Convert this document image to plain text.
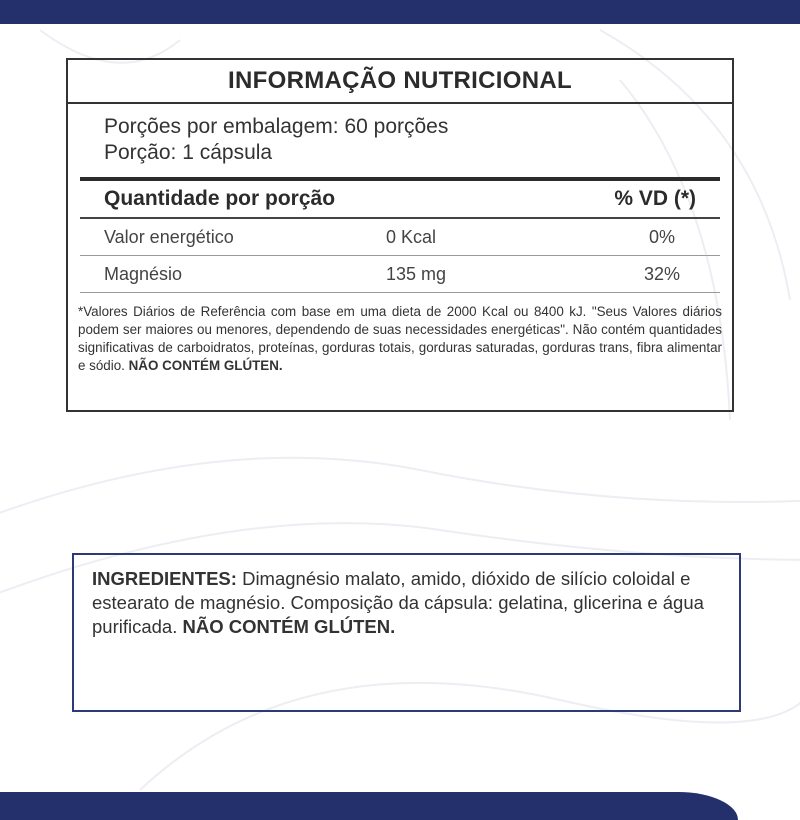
INFORMAÇÃO NUTRICIONAL
Porções por embalagem: 60 porções
Porção: 1 cápsula
Quantidade por porção	% VD (*)
Valor energético	0 Kcal	0%
Magnésio	135 mg	32%
*Valores Diários de Referência com base em uma dieta de 2000 Kcal ou 8400 kJ. "Seus Valores diários podem ser maiores ou menores, dependendo de suas necessidades energéticas". Não contém quantidades significativas de carboidratos, proteínas, gorduras totais, gorduras saturadas, gorduras trans, fibra alimentar e sódio. NÃO CONTÉM GLÚTEN.
INGREDIENTES: Dimagnésio malato, amido, dióxido de silício coloidal e estearato de magnésio. Composição da cápsula: gelatina, glicerina e água purificada. NÃO CONTÉM GLÚTEN.
